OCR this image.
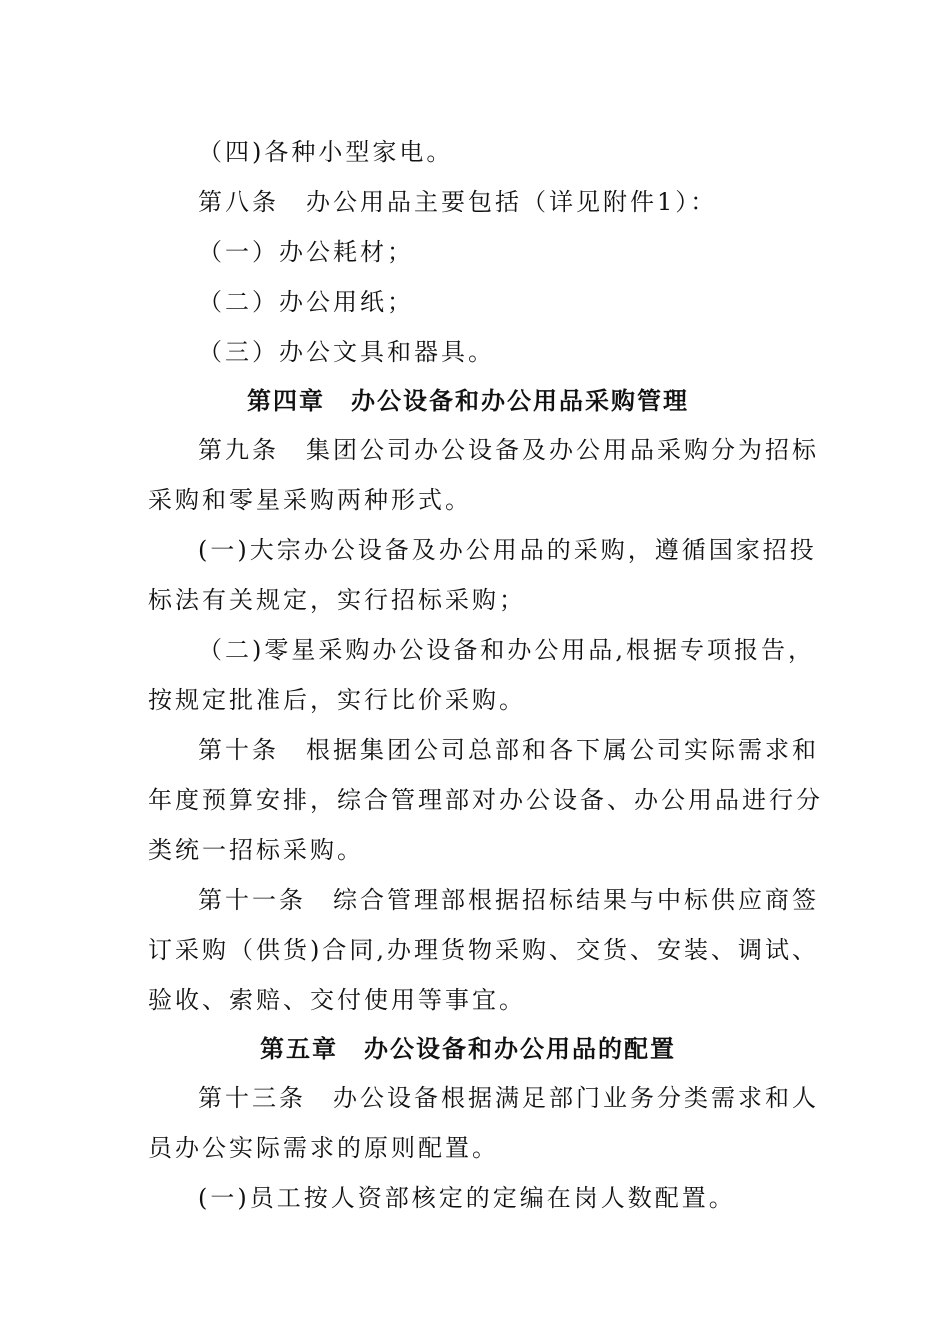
（四)各种小型家电。
第八条　办公用品主要包括（详见附件1）：
（一）办公耗材；
（二）办公用纸；
（三）办公文具和器具。
第四章　办公设备和办公用品采购管理
第九条　集团公司办公设备及办公用品采购分为招标
采购和零星采购两种形式。
(一)大宗办公设备及办公用品的采购，遵循国家招投
标法有关规定，实行招标采购；
（二)零星采购办公设备和办公用品,根据专项报告，
按规定批准后，实行比价采购。
第十条　根据集团公司总部和各下属公司实际需求和
年度预算安排，综合管理部对办公设备、办公用品进行分
类统一招标采购。
第十一条　综合管理部根据招标结果与中标供应商签
订采购（供货)合同,办理货物采购、交货、安装、调试、
验收、索赔、交付使用等事宜。
第五章　办公设备和办公用品的配置
第十三条　办公设备根据满足部门业务分类需求和人
员办公实际需求的原则配置。
(一)员工按人资部核定的定编在岗人数配置。
